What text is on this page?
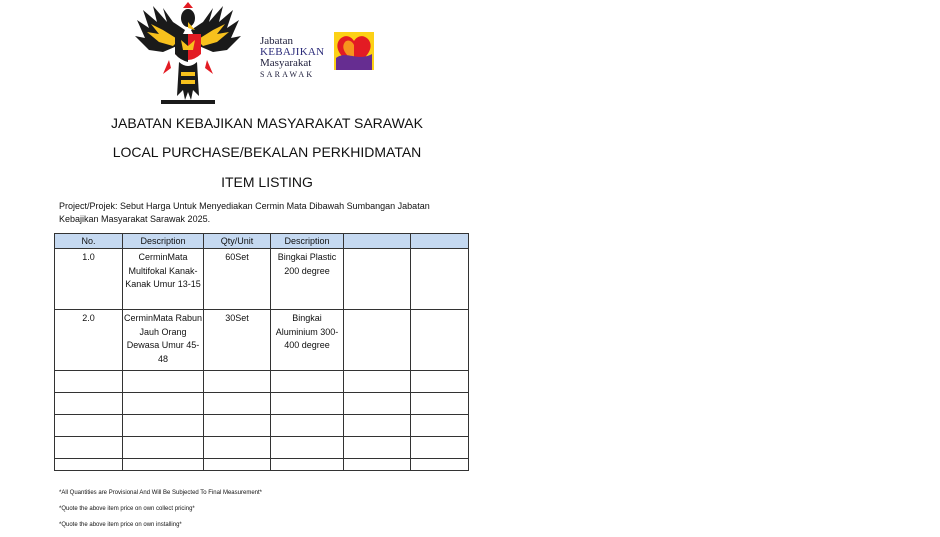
Jabatan
KEBAJIKAN
Masyarakat
SARAWAK
JABATAN KEBAJIKAN MASYARAKAT SARAWAK
LOCAL PURCHASE/BEKALAN PERKHIDMATAN
ITEM LISTING
Project/Projek: Sebut Harga Untuk Menyediakan Cermin Mata Dibawah Sumbangan Jabatan Kebajikan Masyarakat Sarawak 2025.
No.	Description	Qty/Unit	Description		
1.0	CerminMata Multifokal Kanak-Kanak Umur 13-15	60Set	Bingkai Plastic 200 degree		
2.0	CerminMata Rabun Jauh Orang Dewasa Umur 45-48	30Set	Bingkai Aluminium 300-400 degree		

*All Quantities are Provisional And Will Be Subjected To Final Measurement*
*Quote the above item price on own collect pricing*
*Quote the above item price on own installing*
